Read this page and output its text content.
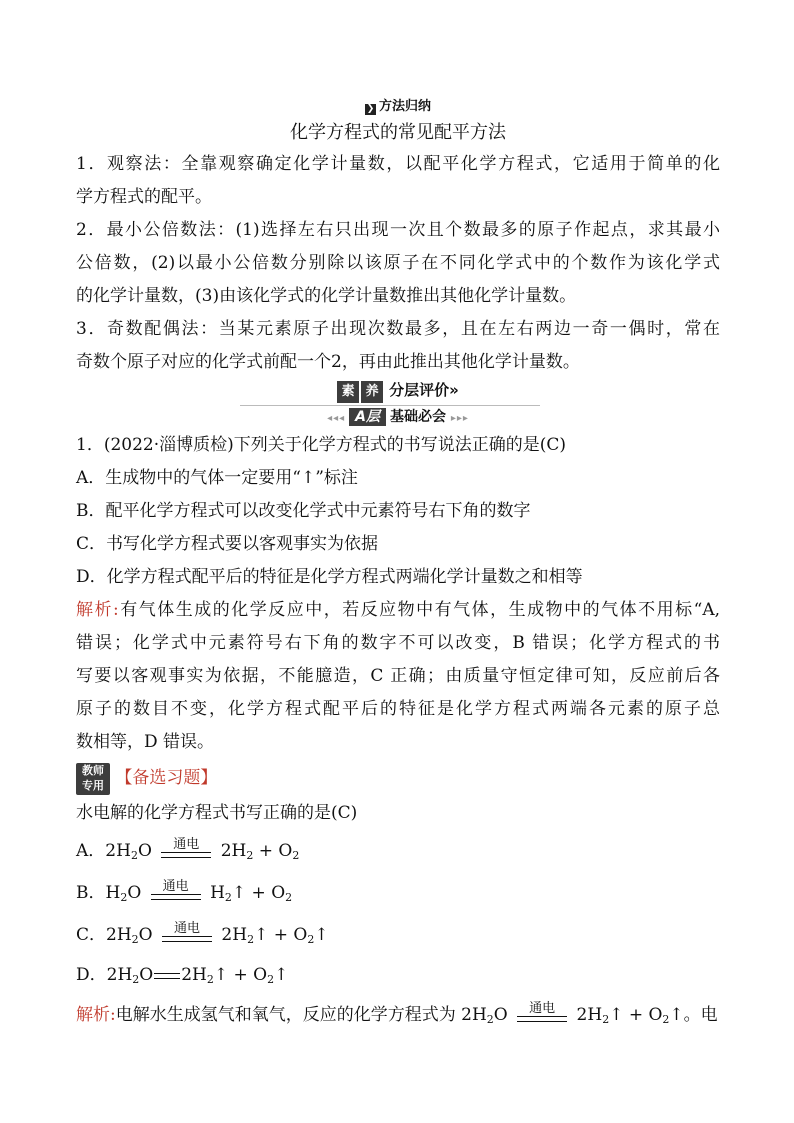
❯ 方法归纳
化学方程式的常见配平方法
1．观察法：全靠观察确定化学计量数，以配平化学方程式，它适用于简单的化
学方程式的配平。
2．最小公倍数法：(1)选择左右只出现一次且个数最多的原子作起点，求其最小
公倍数，(2)以最小公倍数分别除以该原子在不同化学式中的个数作为该化学式
的化学计量数，(3)由该化学式的化学计量数推出其他化学计量数。
3．奇数配偶法：当某元素原子出现次数最多，且在左右两边一奇一偶时，常在
奇数个原子对应的化学式前配一个2，再由此推出其他化学计量数。
素 养 分层评价»
◂◂◂ A层 基础必会 ▸▸▸
1．(2022·淄博质检)下列关于化学方程式的书写说法正确的是(C)
A．生成物中的气体一定要用“↑”标注
B．配平化学方程式可以改变化学式中元素符号右下角的数字
C．书写化学方程式要以客观事实为依据
D．化学方程式配平后的特征是化学方程式两端化学计量数之和相等
解析:有气体生成的化学反应中，若反应物中有气体，生成物中的气体不用标“A,
错误；化学式中元素符号右下角的数字不可以改变，B 错误；化学方程式的书
写要以客观事实为依据，不能臆造，C 正确；由质量守恒定律可知，反应前后各
原子的数目不变，化学方程式配平后的特征是化学方程式两端各元素的原子总
数相等，D 错误。
教师
专用 【备选习题】
水电解的化学方程式书写正确的是(C)
A．$2H_2O$	通电	$2H_2 + O_2$
B．$H_2O$	通电	$H_2↑ + O_2$
C．$2H_2O$	通电	$2H_2↑$ + $O_2↑$
D．$2H_2O$ $2H_2↑$ + $O_2↑$
解析:电解水生成氢气和氧气，反应的化学方程式为 $2H_2O$	通电	$2H_2↑$ + $O_2↑$。电
